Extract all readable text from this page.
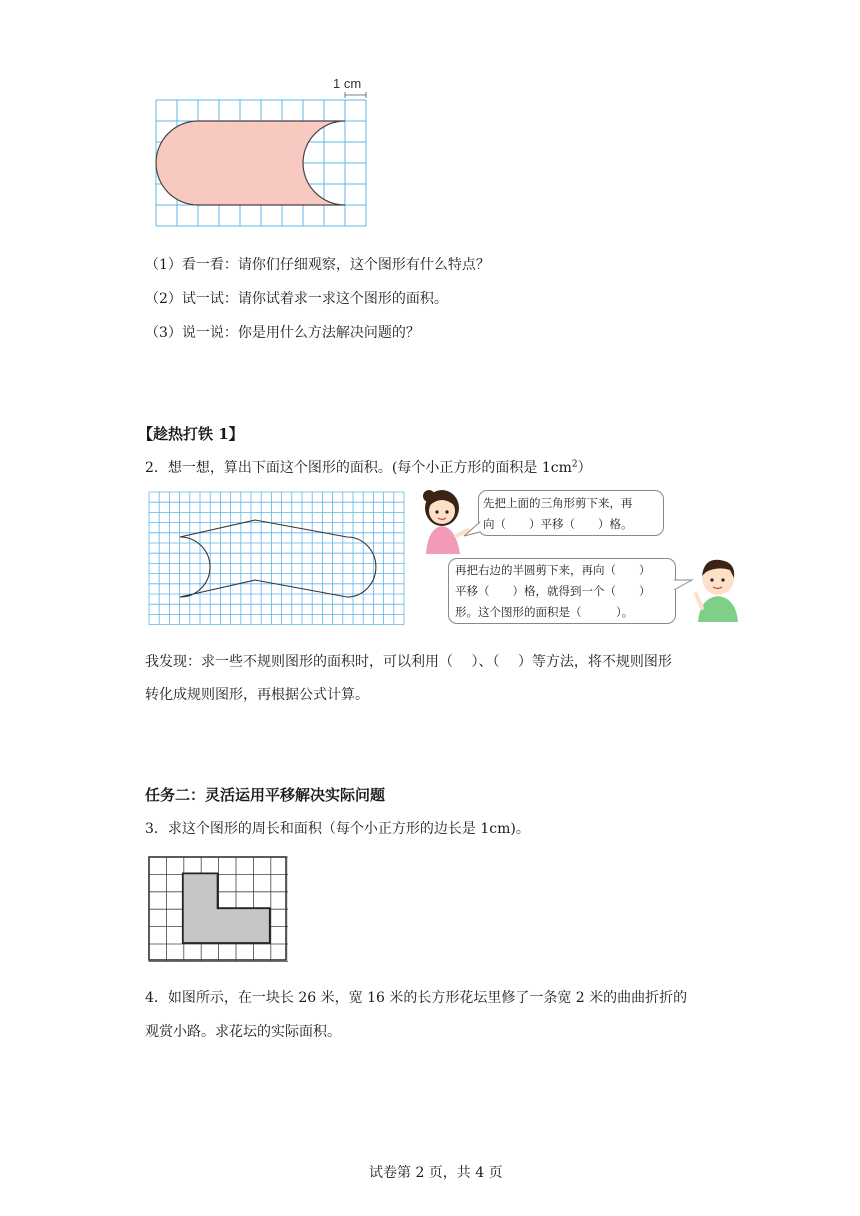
1 cm
（1）看一看：请你们仔细观察，这个图形有什么特点？
（2）试一试：请你试着求一求这个图形的面积。
（3）说一说：你是用什么方法解决问题的？
【趁热打铁 1】
2．想一想，算出下面这个图形的面积。(每个小正方形的面积是 $1cm^2$）
先把上面的三角形剪下来，再
向（　　）平移（　　）格。
再把右边的半圆剪下来，再向（　　）
平移（　　）格，就得到一个（　　）
形。这个图形的面积是（　　　）。
我发现：求一些不规则图形的面积时，可以利用（　 ）、（　 ）等方法，将不规则图形
转化成规则图形，再根据公式计算。
任务二：灵活运用平移解决实际问题
3．求这个图形的周长和面积（每个小正方形的边长是 1cm)。
4．如图所示，在一块长 26 米，宽 16 米的长方形花坛里修了一条宽 2 米的曲曲折折的
观赏小路。求花坛的实际面积。
试卷第 2 页，共 4 页
